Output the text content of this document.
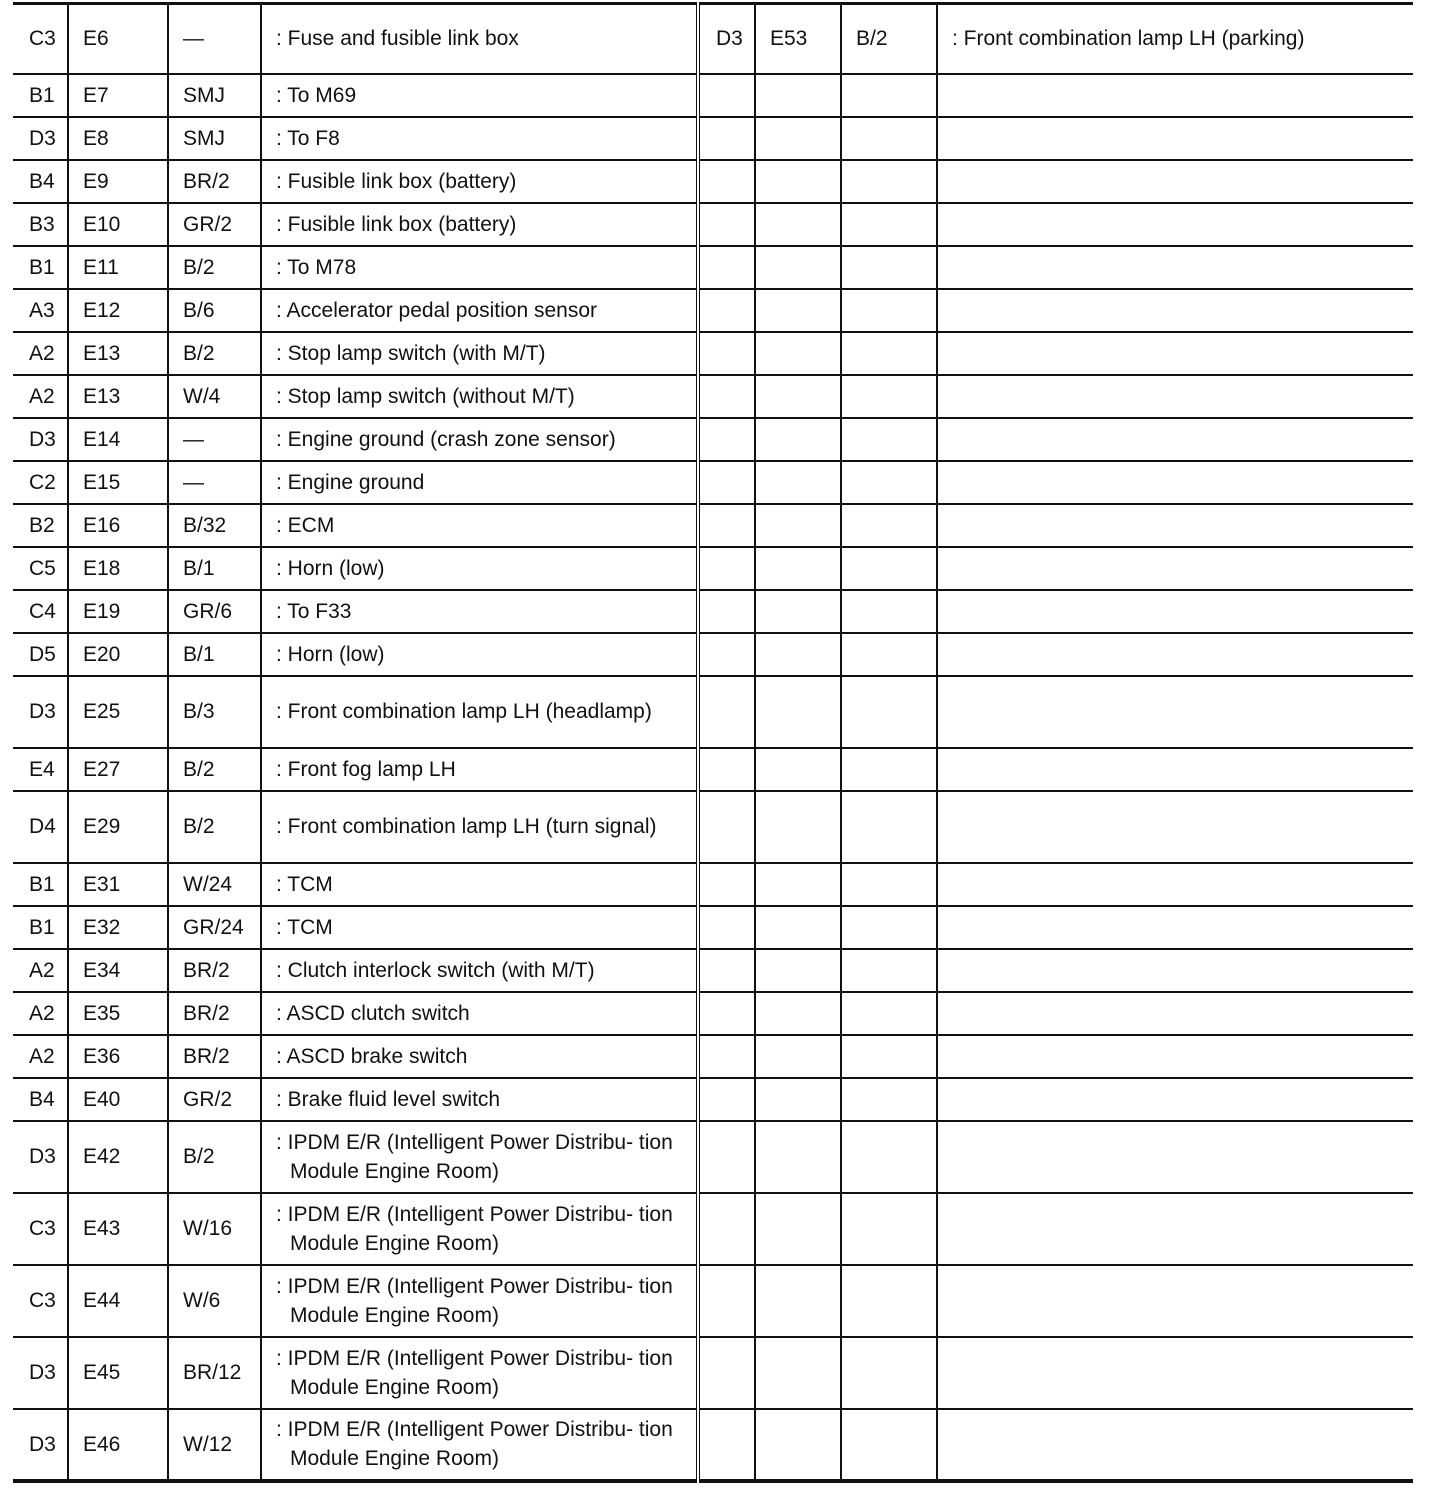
C3	E6	—	: Fuse and fusible link box	D3	E53	B/2	: Front combination lamp LH (parking)

B1	E7	SMJ	: To M69				

D3	E8	SMJ	: To F8				

B4	E9	BR/2	: Fusible link box (battery)				

B3	E10	GR/2	: Fusible link box (battery)				

B1	E11	B/2	: To M78				

A3	E12	B/6	: Accelerator pedal position sensor				

A2	E13	B/2	: Stop lamp switch (with M/T)				

A2	E13	W/4	: Stop lamp switch (without M/T)				

D3	E14	—	: Engine ground (crash zone sensor)				

C2	E15	—	: Engine ground				

B2	E16	B/32	: ECM				

C5	E18	B/1	: Horn (low)				

C4	E19	GR/6	: To F33				

D5	E20	B/1	: Horn (low)				

D3	E25	B/3	: Front combination lamp LH (headlamp)				

E4	E27	B/2	: Front fog lamp LH				

D4	E29	B/2	: Front combination lamp LH (turn signal)				

B1	E31	W/24	: TCM				

B1	E32	GR/24	: TCM				

A2	E34	BR/2	: Clutch interlock switch (with M/T)				

A2	E35	BR/2	: ASCD clutch switch				

A2	E36	BR/2	: ASCD brake switch				

B4	E40	GR/2	: Brake fluid level switch				

D3	E42	B/2	: IPDM E/R (Intelligent Power Distribu- tion Module Engine Room)				

C3	E43	W/16	: IPDM E/R (Intelligent Power Distribu- tion Module Engine Room)				

C3	E44	W/6	: IPDM E/R (Intelligent Power Distribu- tion Module Engine Room)				

D3	E45	BR/12	: IPDM E/R (Intelligent Power Distribu- tion Module Engine Room)				

D3	E46	W/12	: IPDM E/R (Intelligent Power Distribu- tion Module Engine Room)				
